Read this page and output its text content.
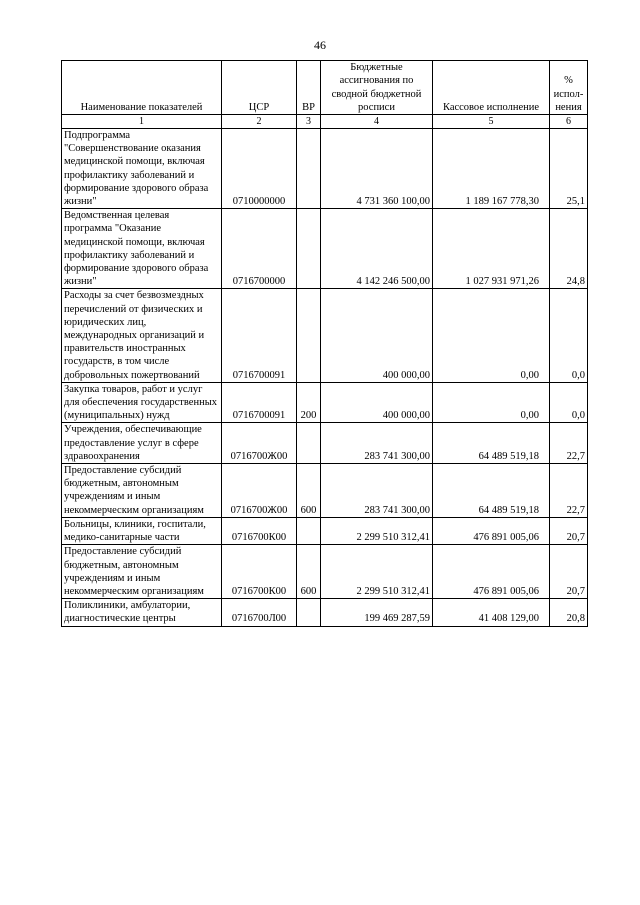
46
Наименование показателей	ЦСР	ВР	Бюджетные ассигнования по сводной бюджетной росписи	Кассовое исполнение	% испол-нения
1	2	3	4	5	6
Подпрограмма "Совершенствование оказания медицинской помощи, включая профилактику заболеваний и формирование здорового образа жизни"	0710000000		4 731 360 100,00	1 189 167 778,30	25,1
Ведомственная целевая программа "Оказание медицинской помощи, включая профилактику заболеваний и формирование здорового образа жизни"	0716700000		4 142 246 500,00	1 027 931 971,26	24,8
Расходы за счет безвозмездных перечислений от физических и юридических лиц, международных организаций и правительств иностранных государств, в том числе добровольных пожертвований	0716700091		400 000,00	0,00	0,0
Закупка товаров, работ и услуг для обеспечения государственных (муниципальных) нужд	0716700091	200	400 000,00	0,00	0,0
Учреждения, обеспечивающие предоставление услуг в сфере здравоохранения	0716700Ж00		283 741 300,00	64 489 519,18	22,7
Предоставление субсидий бюджетным, автономным учреждениям и иным некоммерческим организациям	0716700Ж00	600	283 741 300,00	64 489 519,18	22,7
Больницы, клиники, госпитали, медико-санитарные части	0716700К00		2 299 510 312,41	476 891 005,06	20,7
Предоставление субсидий бюджетным, автономным учреждениям и иным некоммерческим организациям	0716700К00	600	2 299 510 312,41	476 891 005,06	20,7
Поликлиники, амбулатории, диагностические центры	0716700Л00		199 469 287,59	41 408 129,00	20,8
